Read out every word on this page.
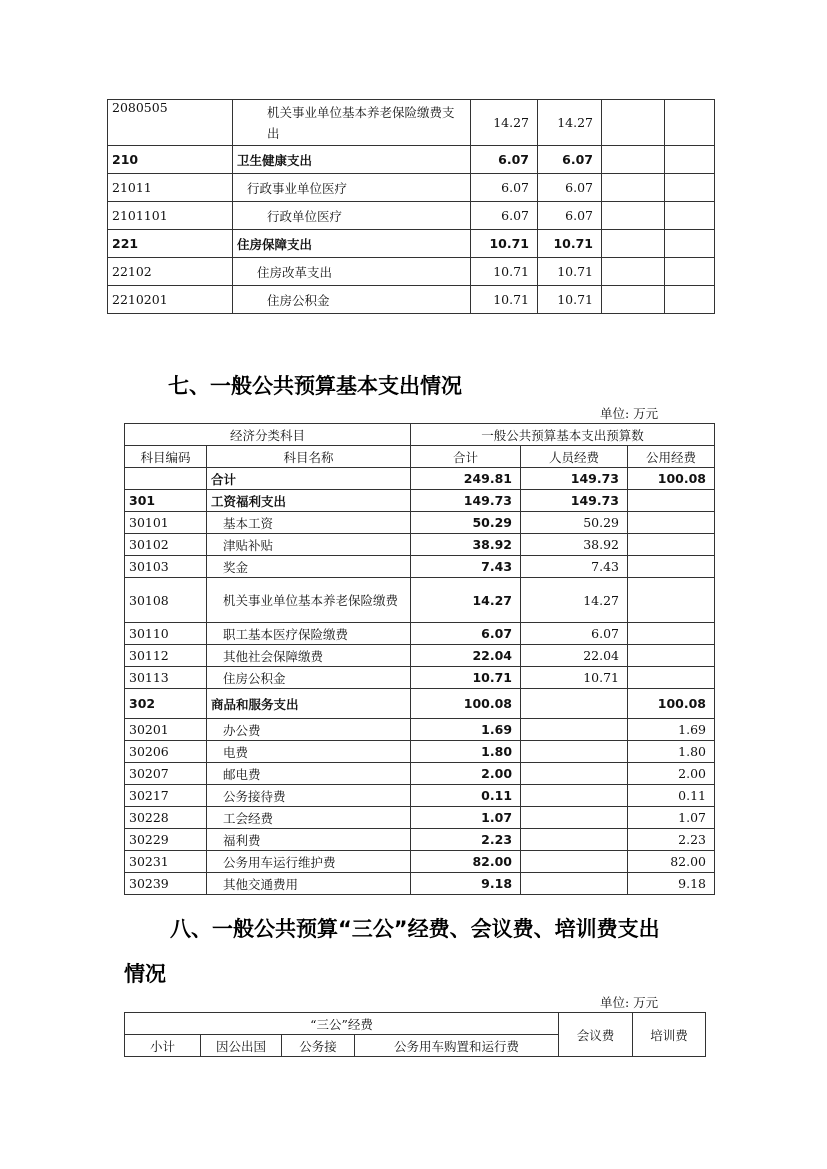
2080505	机关事业单位基本养老保险缴费支出	14.27	14.27		
210	卫生健康支出	6.07	6.07		
21011	行政事业单位医疗	6.07	6.07		
2101101	行政单位医疗	6.07	6.07		
221	住房保障支出	10.71	10.71		
22102	住房改革支出	10.71	10.71		
2210201	住房公积金	10.71	10.71		
七、一般公共预算基本支出情况
单位: 万元
经济分类科目		一般公共预算基本支出预算数		
科目编码	科目名称	合计	人员经费	公用经费
	合计	249.81	149.73	100.08
301	工资福利支出	149.73	149.73	
30101	基本工资	50.29	50.29	
30102	津贴补贴	38.92	38.92	
30103	奖金	7.43	7.43	
30108	机关事业单位基本养老保险缴费	14.27	14.27	
30110	职工基本医疗保险缴费	6.07	6.07	
30112	其他社会保障缴费	22.04	22.04	
30113	住房公积金	10.71	10.71	
302	商品和服务支出	100.08		100.08
30201	办公费	1.69		1.69
30206	电费	1.80		1.80
30207	邮电费	2.00		2.00
30217	公务接待费	0.11		0.11
30228	工会经费	1.07		1.07
30229	福利费	2.23		2.23
30231	公务用车运行维护费	82.00		82.00
30239	其他交通费用	9.18		9.18
八、一般公共预算“三公”经费、会议费、培训费支出
情况
单位: 万元
“三公”经费				会议费	培训费
小计	因公出国	公务接	公务用车购置和运行费		
